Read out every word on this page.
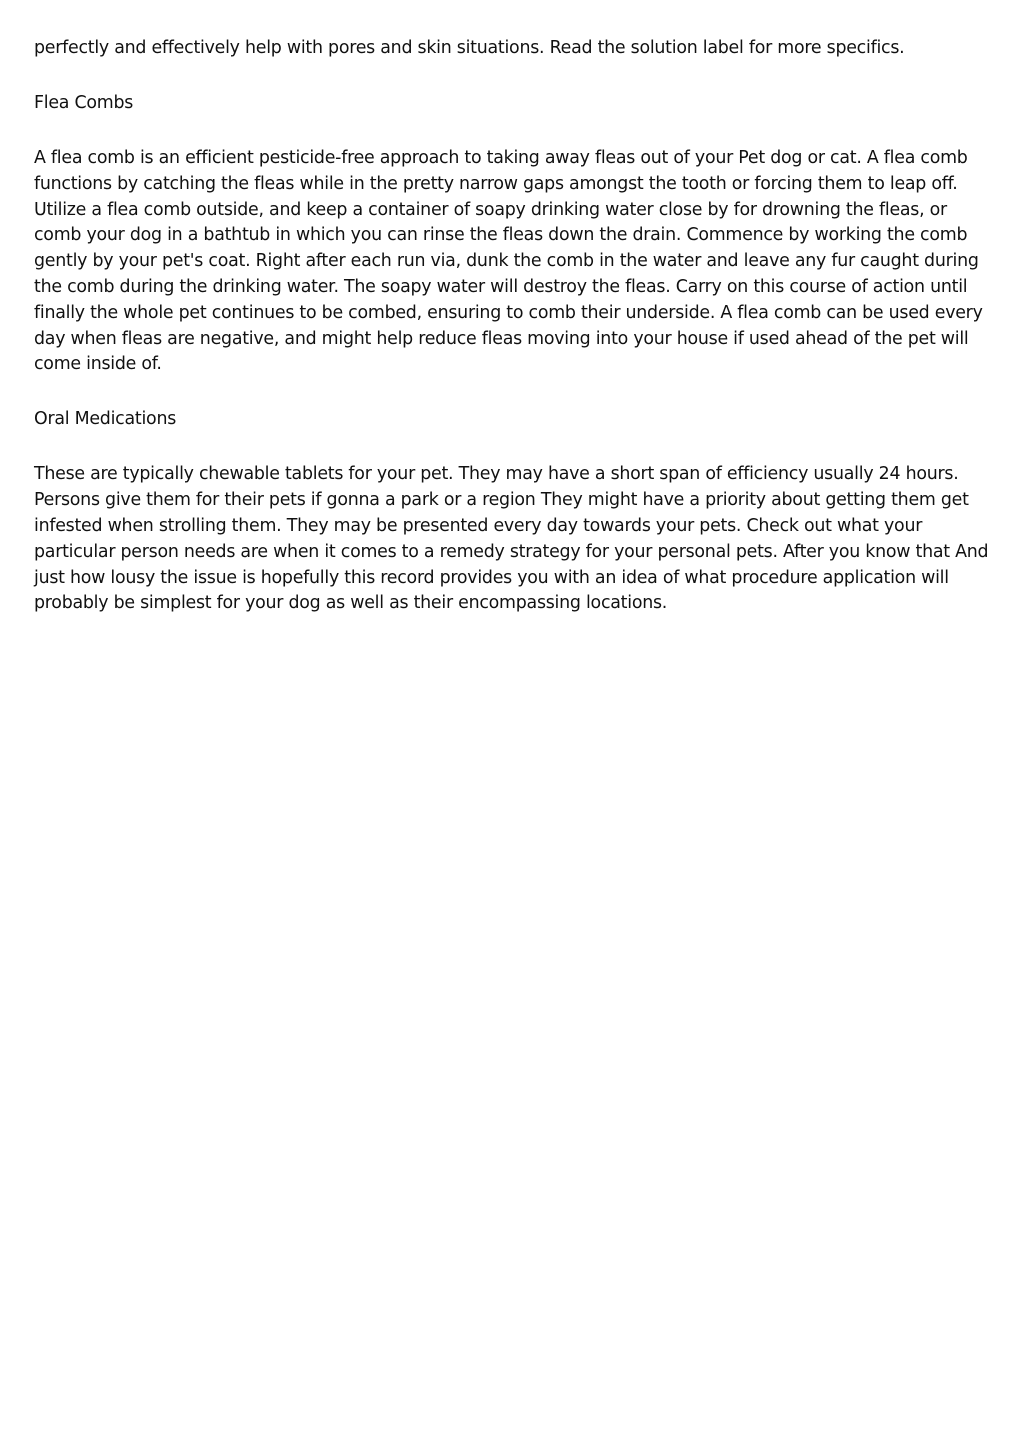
perfectly and effectively help with pores and skin situations. Read the solution label for more specifics.

Flea Combs

A flea comb is an efficient pesticide-free approach to taking away fleas out of your Pet dog or cat. A flea comb functions by catching the fleas while in the pretty narrow gaps amongst the tooth or forcing them to leap off. Utilize a flea comb outside, and keep a container of soapy drinking water close by for drowning the fleas, or comb your dog in a bathtub in which you can rinse the fleas down the drain. Commence by working the comb gently by your pet's coat. Right after each run via, dunk the comb in the water and leave any fur caught during the comb during the drinking water. The soapy water will destroy the fleas. Carry on this course of action until finally the whole pet continues to be combed, ensuring to comb their underside. A flea comb can be used every day when fleas are negative, and might help reduce fleas moving into your house if used ahead of the pet will come inside of.

Oral Medications

These are typically chewable tablets for your pet. They may have a short span of efficiency usually 24 hours. Persons give them for their pets if gonna a park or a region They might have a priority about getting them get infested when strolling them. They may be presented every day towards your pets. Check out what your particular person needs are when it comes to a remedy strategy for your personal pets. After you know that And just how lousy the issue is hopefully this record provides you with an idea of what procedure application will probably be simplest for your dog as well as their encompassing locations.
